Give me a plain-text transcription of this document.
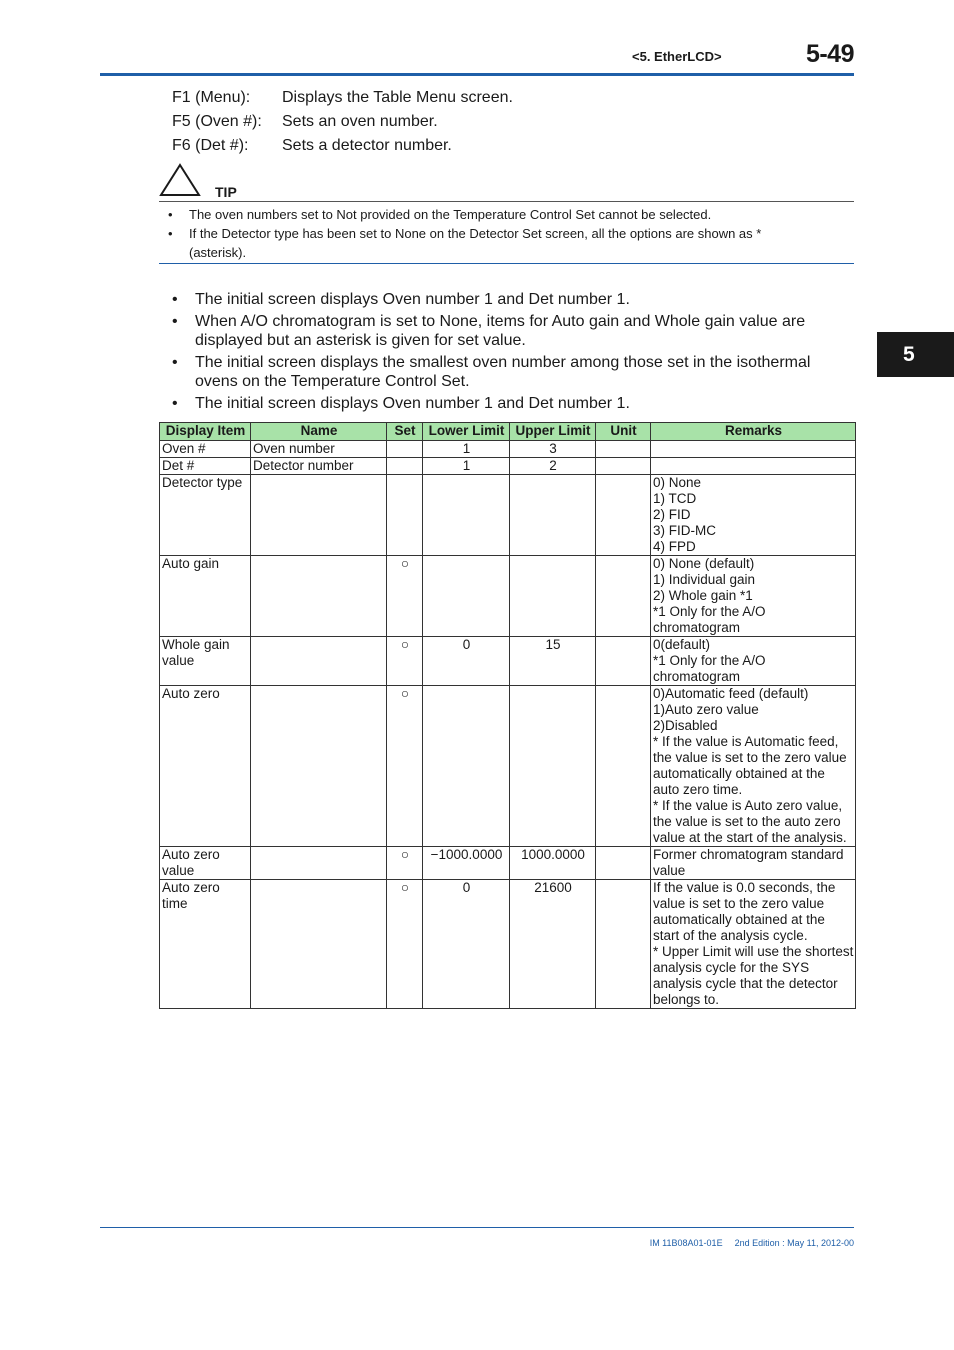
<5. EtherLCD>	5-49
5
F1 (Menu):	Displays the Table Menu screen.
F5 (Oven #):	Sets an oven number.
F6 (Det #):	Sets a detector number.
TIP
• The oven numbers set to Not provided on the Temperature Control Set cannot be selected.
• If the Detector type has been set to None on the Detector Set screen, all the options are shown as * (asterisk).
• The initial screen displays Oven number 1 and Det number 1.
• When A/O chromatogram is set to None, items for Auto gain and Whole gain value are displayed but an asterisk is given for set value.
• The initial screen displays the smallest oven number among those set in the isothermal ovens on the Temperature Control Set.
• The initial screen displays Oven number 1 and Det number 1.
Display Item	Name	Set	Lower Limit	Upper Limit	Unit	Remarks
Oven #	Oven number		1	3		
Det #	Detector number		1	2		
Detector type						0) None
1) TCD
2) FID
3) FID-MC
4) FPD
Auto gain		○				0) None (default)
1) Individual gain
2) Whole gain *1
*1 Only for the A/O chromatogram
Whole gain value		○	0	15		0(default)
*1 Only for the A/O chromatogram
Auto zero		○				0)Automatic feed (default)
1)Auto zero value
2)Disabled
* If the value is Automatic feed, the value is set to the zero value automatically obtained at the auto zero time.
* If the value is Auto zero value, the value is set to the auto zero value at the start of the analysis.
Auto zero value		○	−1000.0000	1000.0000		Former chromatogram standard value
Auto zero time		○	0	21600		If the value is 0.0 seconds, the value is set to the zero value automatically obtained at the start of the analysis cycle.
* Upper Limit will use the shortest analysis cycle for the SYS analysis cycle that the detector belongs to.
IM 11B08A01-01E 2nd Edition : May 11, 2012-00
